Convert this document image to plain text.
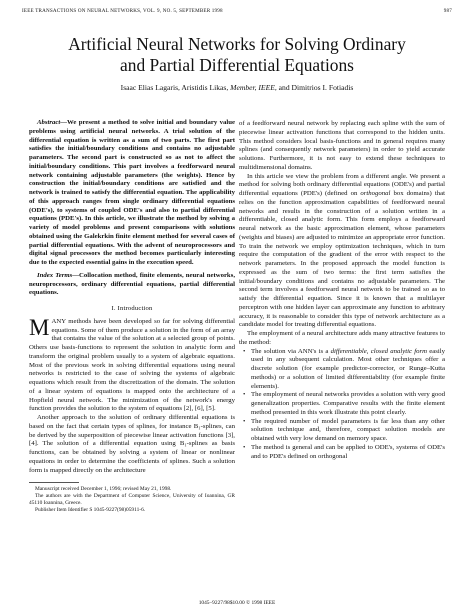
IEEE TRANSACTIONS ON NEURAL NETWORKS, VOL. 9, NO. 5, SEPTEMBER 1998	987
Artificial Neural Networks for Solving Ordinary
and Partial Differential Equations
Isaac Elias Lagaris, Aristidis Likas, Member, IEEE, and Dimitrios I. Fotiadis

Abstract—We present a method to solve initial and boundary value problems using artificial neural networks. A trial solution of the differential equation is written as a sum of two parts. The first part satisfies the initial/boundary conditions and contains no adjustable parameters. The second part is constructed so as not to affect the initial/boundary conditions. This part involves a feedforward neural network containing adjustable parameters (the weights). Hence by construction the initial/boundary conditions are satisfied and the network is trained to satisfy the differential equation. The applicability of this approach ranges from single ordinary differential equations (ODE's), to systems of coupled ODE's and also to partial differential equations (PDE's). In this article, we illustrate the method by solving a variety of model problems and present comparisons with solutions obtained using the Galekrkin finite element method for several cases of partial differential equations. With the advent of neuroprocessors and digital signal processors the method becomes particularly interesting due to the expected essential gains in the execution speed.

Index Terms—Collocation method, finite elements, neural networks, neuroprocessors, ordinary differential equations, partial differential equations.

I. Introduction

MANY methods have been developed so far for solving differential equations. Some of them produce a solution in the form of an array that contains the value of the solution at a selected group of points. Others use basis-functions to represent the solution in analytic form and transform the original problem usually to a system of algebraic equations. Most of the previous work in solving differential equations using neural networks is restricted to the case of solving the systems of algebraic equations which result from the discretization of the domain. The solution of a linear system of equations is mapped onto the architecture of a Hopfield neural network. The minimization of the network's energy function provides the solution to the system of equations [2], [6], [5].

Another approach to the solution of ordinary differential equations is based on the fact that certain types of splines, for instance B₁-splines, can be derived by the superposition of piecewise linear activation functions [3], [4]. The solution of a differential equation using B₁-splines as basis functions, can be obtained by solving a system of linear or nonlinear equations in order to determine the coefficients of splines. Such a solution form is mapped directly on the architecture

Manuscript received December 1, 1996; revised May 21, 1998.

The authors are with the Department of Computer Science, University of Ioannina, GR 45110 Ioannina, Greece.

Publisher Item Identifier S 1045-9227(98)05911-6.

of a feedforward neural network by replacing each spline with the sum of piecewise linear activation functions that correspond to the hidden units. This method considers local basis-functions and in general requires many splines (and consequently network parameters) in order to yield accurate solutions. Furthermore, it is not easy to extend these techniques to multidimensional domains.

In this article we view the problem from a different angle. We present a method for solving both ordinary differential equations (ODE's) and partial differential equations (PDE's) (defined on orthogonal box domains) that relies on the function approximation capabilities of feedforward neural networks and results in the construction of a solution written in a differentiable, closed analytic form. This form employs a feedforward neural network as the basic approximation element, whose parameters (weights and biases) are adjusted to minimize an appropriate error function. To train the network we employ optimization techniques, which in turn require the computation of the gradient of the error with respect to the network parameters. In the proposed approach the model function is expressed as the sum of two terms: the first term satisfies the initial/boundary conditions and contains no adjustable parameters. The second term involves a feedforward neural network to be trained so as to satisfy the differential equation. Since it is known that a multilayer perceptron with one hidden layer can approximate any function to arbitrary accuracy, it is reasonable to consider this type of network architecture as a candidate model for treating differential equations.

The employment of a neural architecture adds many attractive features to the method:

• The solution via ANN's is a differentiable, closed analytic form easily used in any subsequent calculation. Most other techniques offer a discrete solution (for example predictor-corrector, or Runge–Kutta methods) or a solution of limited differentiability (for example finite elements).
• The employment of neural networks provides a solution with very good generalization properties. Comparative results with the finite element method presented in this work illustrate this point clearly.
• The required number of model parameters is far less than any other solution technique and, therefore, compact solution models are obtained with very low demand on memory space.
• The method is general and can be applied to ODE's, systems of ODE's and to PDE's defined on orthogonal
1045–9227/98$10.00 © 1998 IEEE
